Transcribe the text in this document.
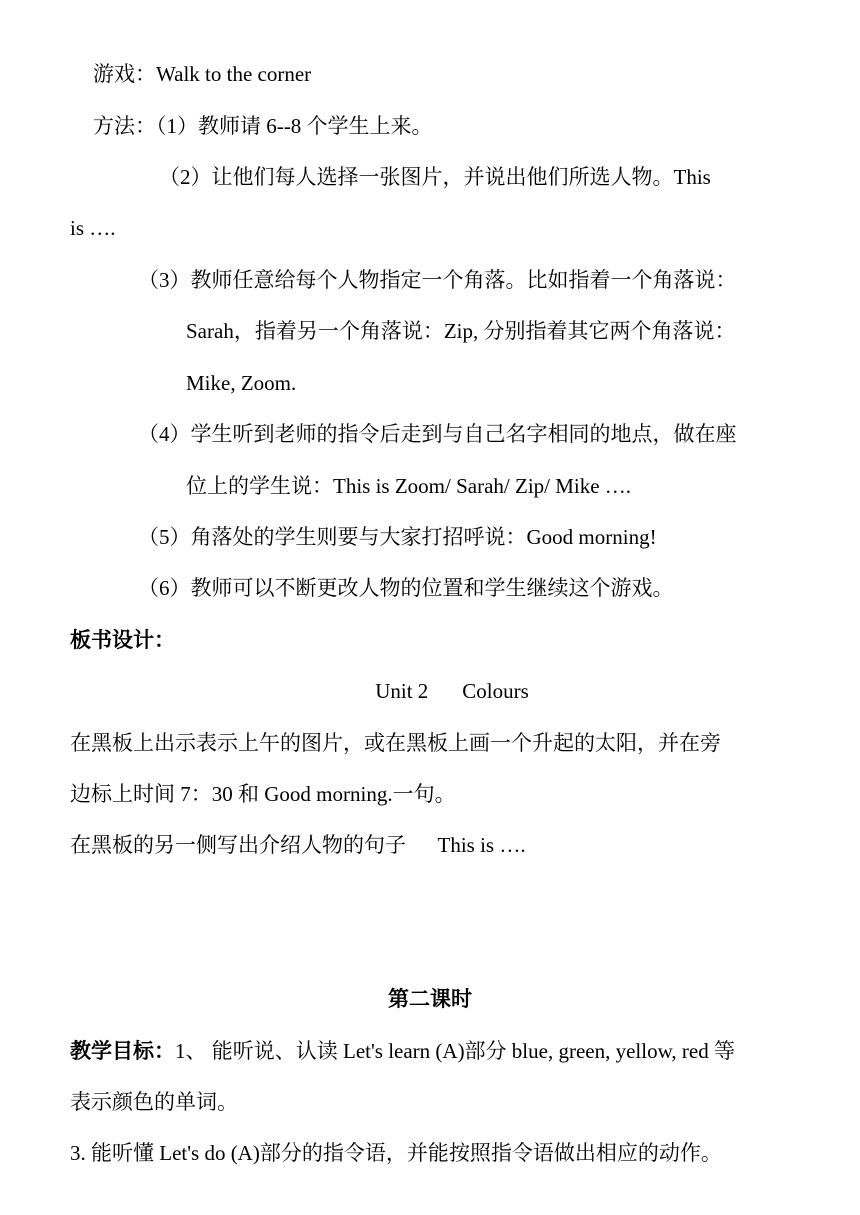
游戏：Walk to the corner
方法：（1）教师请 6--8 个学生上来。
（2）让他们每人选择一张图片，并说出他们所选人物。This
is ….
（3）教师任意给每个人物指定一个角落。比如指着一个角落说：
Sarah，指着另一个角落说：Zip, 分别指着其它两个角落说：
Mike, Zoom.
（4）学生听到老师的指令后走到与自己名字相同的地点，做在座
位上的学生说：This is Zoom/ Sarah/ Zip/ Mike ….
（5）角落处的学生则要与大家打招呼说：Good morning!
（6）教师可以不断更改人物的位置和学生继续这个游戏。
板书设计：
Unit 2 Colours
在黑板上出示表示上午的图片，或在黑板上画一个升起的太阳，并在旁
边标上时间 7：30 和 Good morning.一句。
在黑板的另一侧写出介绍人物的句子      This is ….
第二课时
教学目标：1、 能听说、认读 Let's learn (A)部分 blue, green, yellow, red 等
表示颜色的单词。
3. 能听懂 Let's do (A)部分的指令语，并能按照指令语做出相应的动作。
